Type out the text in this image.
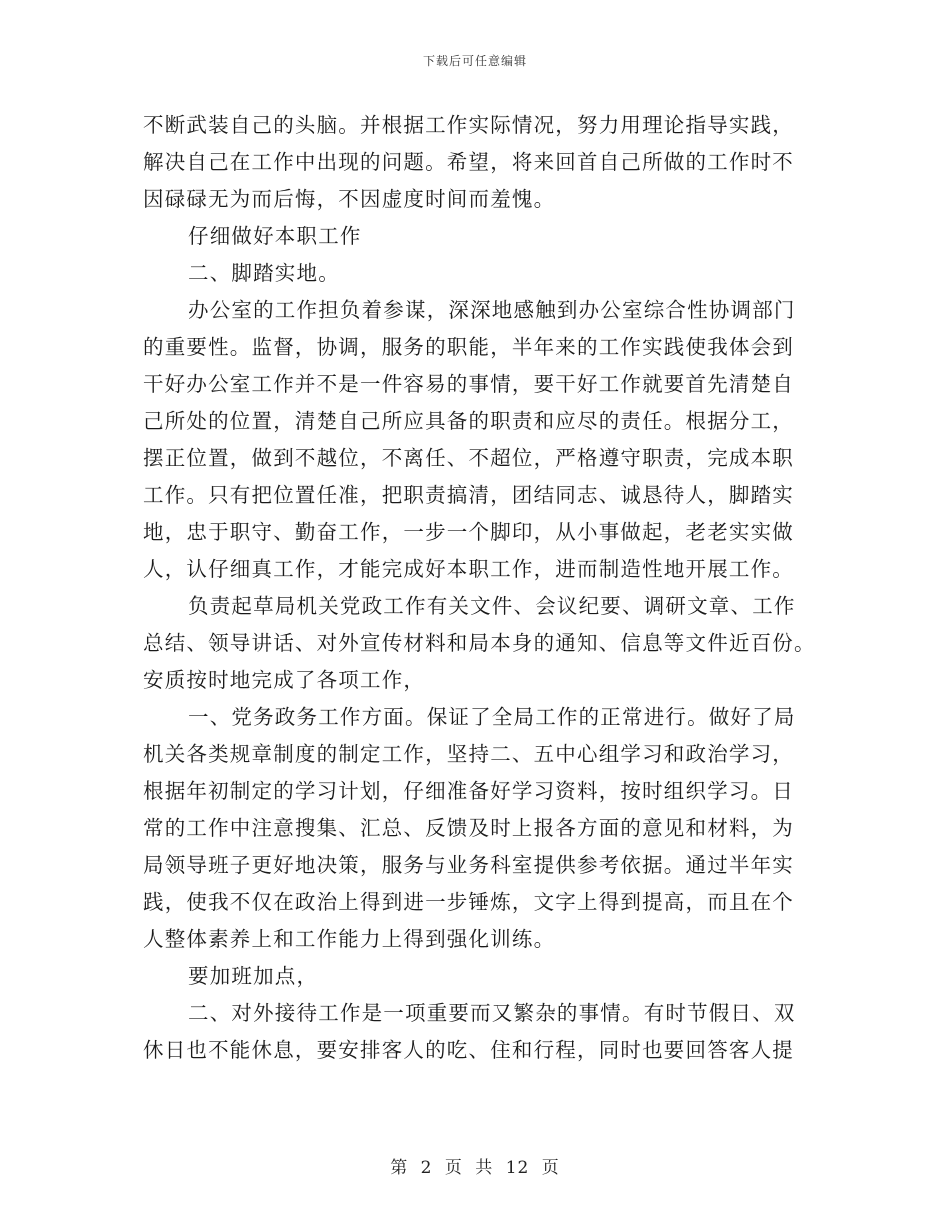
下载后可任意编辑
不断武装自己的头脑。并根据工作实际情况，努力用理论指导实践，
解决自己在工作中出现的问题。希望，将来回首自己所做的工作时不
因碌碌无为而后悔，不因虚度时间而羞愧。
仔细做好本职工作
二、脚踏实地。
办公室的工作担负着参谋，深深地感触到办公室综合性协调部门
的重要性。监督，协调，服务的职能，半年来的工作实践使我体会到
干好办公室工作并不是一件容易的事情，要干好工作就要首先清楚自
己所处的位置，清楚自己所应具备的职责和应尽的责任。根据分工，
摆正位置，做到不越位，不离任、不超位，严格遵守职责，完成本职
工作。只有把位置任准，把职责搞清，团结同志、诚恳待人，脚踏实
地，忠于职守、勤奋工作，一步一个脚印，从小事做起，老老实实做
人，认仔细真工作，才能完成好本职工作，进而制造性地开展工作。
负责起草局机关党政工作有关文件、会议纪要、调研文章、工作
总结、领导讲话、对外宣传材料和局本身的通知、信息等文件近百份。
安质按时地完成了各项工作，
一、党务政务工作方面。保证了全局工作的正常进行。做好了局
机关各类规章制度的制定工作，坚持二、五中心组学习和政治学习，
根据年初制定的学习计划，仔细准备好学习资料，按时组织学习。日
常的工作中注意搜集、汇总、反馈及时上报各方面的意见和材料，为
局领导班子更好地决策，服务与业务科室提供参考依据。通过半年实
践，使我不仅在政治上得到进一步锤炼，文字上得到提高，而且在个
人整体素养上和工作能力上得到强化训练。
要加班加点，
二、对外接待工作是一项重要而又繁杂的事情。有时节假日、双
休日也不能休息，要安排客人的吃、住和行程，同时也要回答客人提
第 2 页 共 12 页
